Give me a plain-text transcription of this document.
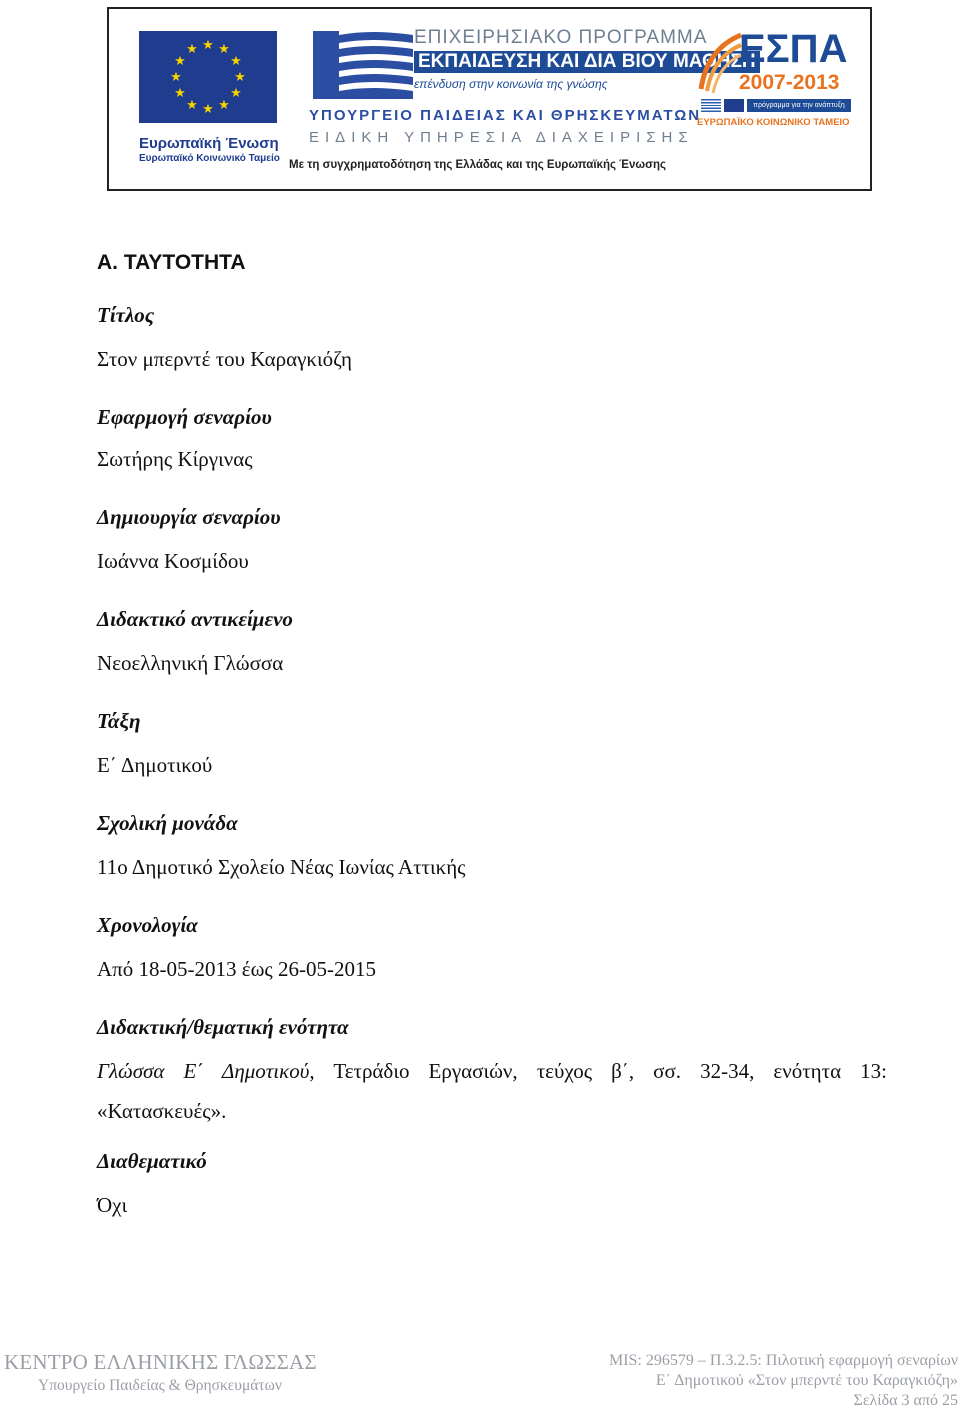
★ ★
★
★
★
★
★
★
★
★
★
★
Ευρωπαϊκή Ένωση
Ευρωπαϊκό Κοινωνικό Ταμείο
ΕΠΙΧΕΙΡΗΣΙΑΚΟ ΠΡΟΓΡΑΜΜΑ
ΕΚΠΑΙΔΕΥΣΗ ΚΑΙ ΔΙΑ ΒΙΟΥ ΜΑΘΗΣΗ
επένδυση στην κοινωνία της γνώσης
ΥΠΟΥΡΓΕΙΟ ΠΑΙΔΕΙΑΣ ΚΑΙ ΘΡΗΣΚΕΥΜΑΤΩΝ
ΕΙΔΙΚΗ ΥΠΗΡΕΣΙΑ ΔΙΑΧΕΙΡΙΣΗΣ
Με τη συγχρηματοδότηση της Ελλάδας και της Ευρωπαϊκής Ένωσης
ΕΣΠΑ
2007-2013
πρόγραμμα για την ανάπτυξη
ΕΥΡΩΠΑΪΚΟ ΚΟΙΝΩΝΙΚΟ ΤΑΜΕΙΟ
Α. ΤΑΥΤΟΤΗΤΑ

Τίτλος

Στον μπερντέ του Καραγκιόζη

Εφαρμογή σεναρίου

Σωτήρης Κίργινας

Δημιουργία σεναρίου

Ιωάννα Κοσμίδου

Διδακτικό αντικείμενο

Νεοελληνική Γλώσσα

Τάξη

Ε΄ Δημοτικού

Σχολική μονάδα

11ο Δημοτικό Σχολείο Νέας Ιωνίας Αττικής

Χρονολογία

Από 18-05-2013 έως 26-05-2015

Διδακτική/θεματική ενότητα

Γλώσσα Ε΄ Δημοτικού, Τετράδιο Εργασιών, τεύχος β΄, σσ. 32-34, ενότητα 13:

«Κατασκευές».

Διαθεματικό

Όχι

ΚΕΝΤΡΟ ΕΛΛΗΝΙΚΗΣ ΓΛΩΣΣΑΣ
Υπουργείο Παιδείας & Θρησκευμάτων
MIS: 296579 – Π.3.2.5: Πιλοτική εφαρμογή σεναρίων
Ε΄ Δημοτικού «Στον μπερντέ του Καραγκιόζη»
Σελίδα 3 από 25
